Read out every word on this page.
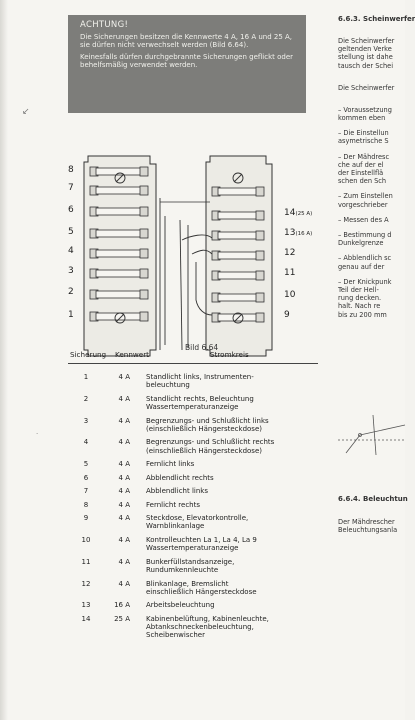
ACHTUNG!

Die Sicherungen besitzen die Kennwerte 4 A, 16 A und 25 A, sie dürfen nicht verwechselt werden (Bild 6.64).

Keinesfalls dürfen durchgebrannte Sicherungen geflickt oder behelfsmäßig verwendet werden.

8
7
6
5
4
3
2
1
14(25 A)
13(16 A)
12
11
10
9
Bild 6.64
Sicherung Kennwert	Stromkreis
1	4 A Standlicht links, Instrumenten-
beleuchtung
2	4 A Standlicht rechts, Beleuchtung
Wassertemperaturanzeige
3	4 A Begrenzungs- und Schlußlicht links
(einschließlich Hängersteckdose)
4	4 A Begrenzungs- und Schlußlicht rechts
(einschließlich Hängersteckdose)
5	4 A Fernlicht links
6	4 A Abblendlicht rechts
7	4 A Abblendlicht links
8	4 A Fernlicht rechts
9	4 A Steckdose, Elevatorkontrolle,
Warnblinkanlage
10	4 A Kontrolleuchten La 1, La 4, La 9
Wassertemperaturanzeige
11	4 A Bunkerfüllstandsanzeige,
Rundumkennleuchte
12	4 A Blinkanlage, Bremslicht
einschließlich Hängersteckdose
13	16 A Arbeitsbeleuchtung
14	25 A Kabinenbelüftung, Kabinenleuchte,
Abtankschneckenbeleuchtung,
Scheibenwischer
6.6.3. Scheinwerfer
Die Scheinwerfer
geltenden Verke
stellung ist dahe
tausch der Schei
Die Scheinwerfer
– Voraussetzung
kommen eben
– Die Einstellun
asymetrische S
– Der Mähdresc
che auf der el
der Einstellflä
schen den Sch
– Zum Einstellen
vorgeschrieber
– Messen des A
– Bestimmung d
Dunkelgrenze
– Abblendlich sc
genau auf der
– Der Knickpunk
Teil der Hell-
rung decken.
halt. Nach re
bis zu 200 mm
6.6.4. Beleuchtun
Der Mähdrescher
Beleuchtungsanla
↙
·
